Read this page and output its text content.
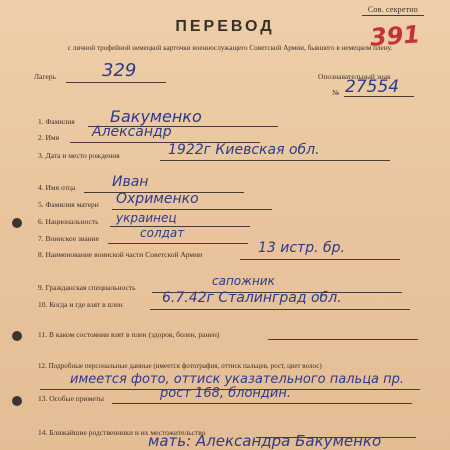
Сов. секретно
391
ПЕРЕВОД
с личной трофейной немецкой карточки военнослужащего Советской Армии, бывшего в немецком плену.
Лагерь	329	Опознавательный знак
№ 27554
1. Фамилия Бакуменко
2. Имя Александр
3. Дата и место рождения	1922г Киевская обл.
4. Имя отца	Иван
5. Фамилия матери Охрименко
6. Национальность украинец
7. Воинское звание	солдат
8. Наименование воинской части Советской Армии	13 истр. бр.
9. Гражданская специальность	сапожник
10. Когда и где взят в плен	6.7.42г Сталинград обл.
11. В каком состоянии взят в плен (здоров, болен, ранен)
12. Подробные персональные данные (имеется фотография, оттиск пальцев, рост, цвет волос)
имеется фото, оттиск указательного пальца пр.
13. Особые приметы	рост 168, блондин.
14. Ближайшие родственники и их местожительство
мать: Александра Бакуменко
